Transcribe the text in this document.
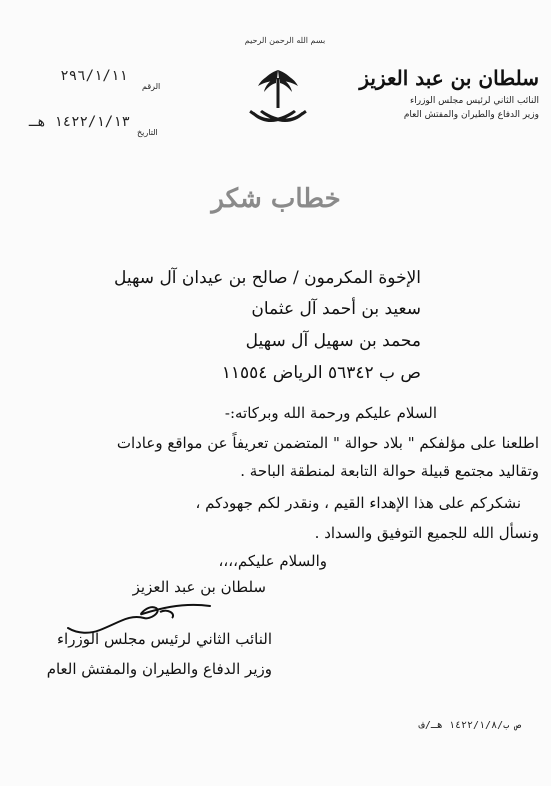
بسم الله الرحمن الرحيم
سلطان بن عبد العزيز
النائب الثاني لرئيس مجلس الوزراء
وزير الدفاع والطيران والمفتش العام
الرقم
٢٩٦/١/١١
التاريخ
١٤٢٢/١/١٣ هـ
خطاب شكر
الإخوة المكرمون / صالح بن عيدان آل سهيل
سعيد بن أحمد آل عثمان
محمد بن سهيل آل سهيل
ص ب ٥٦٣٤٢ الرياض ١١٥٥٤
السلام عليكم ورحمة الله وبركاته:-
اطلعنا على مؤلفكم " بلاد حوالة " المتضمن تعريفاً عن مواقع وعادات
وتقاليد مجتمع قبيلة حوالة التابعة لمنطقة الباحة .
نشكركم على هذا الإهداء القيم ، ونقدر لكم جهودكم ،
ونسأل الله للجميع التوفيق والسداد .
والسلام عليكم،،،،
سلطان بن عبد العزيز
النائب الثاني لرئيس مجلس الوزراء
وزير الدفاع والطيران والمفتش العام
ص ب/١٤٢٢/١/٨ هـ/ف
